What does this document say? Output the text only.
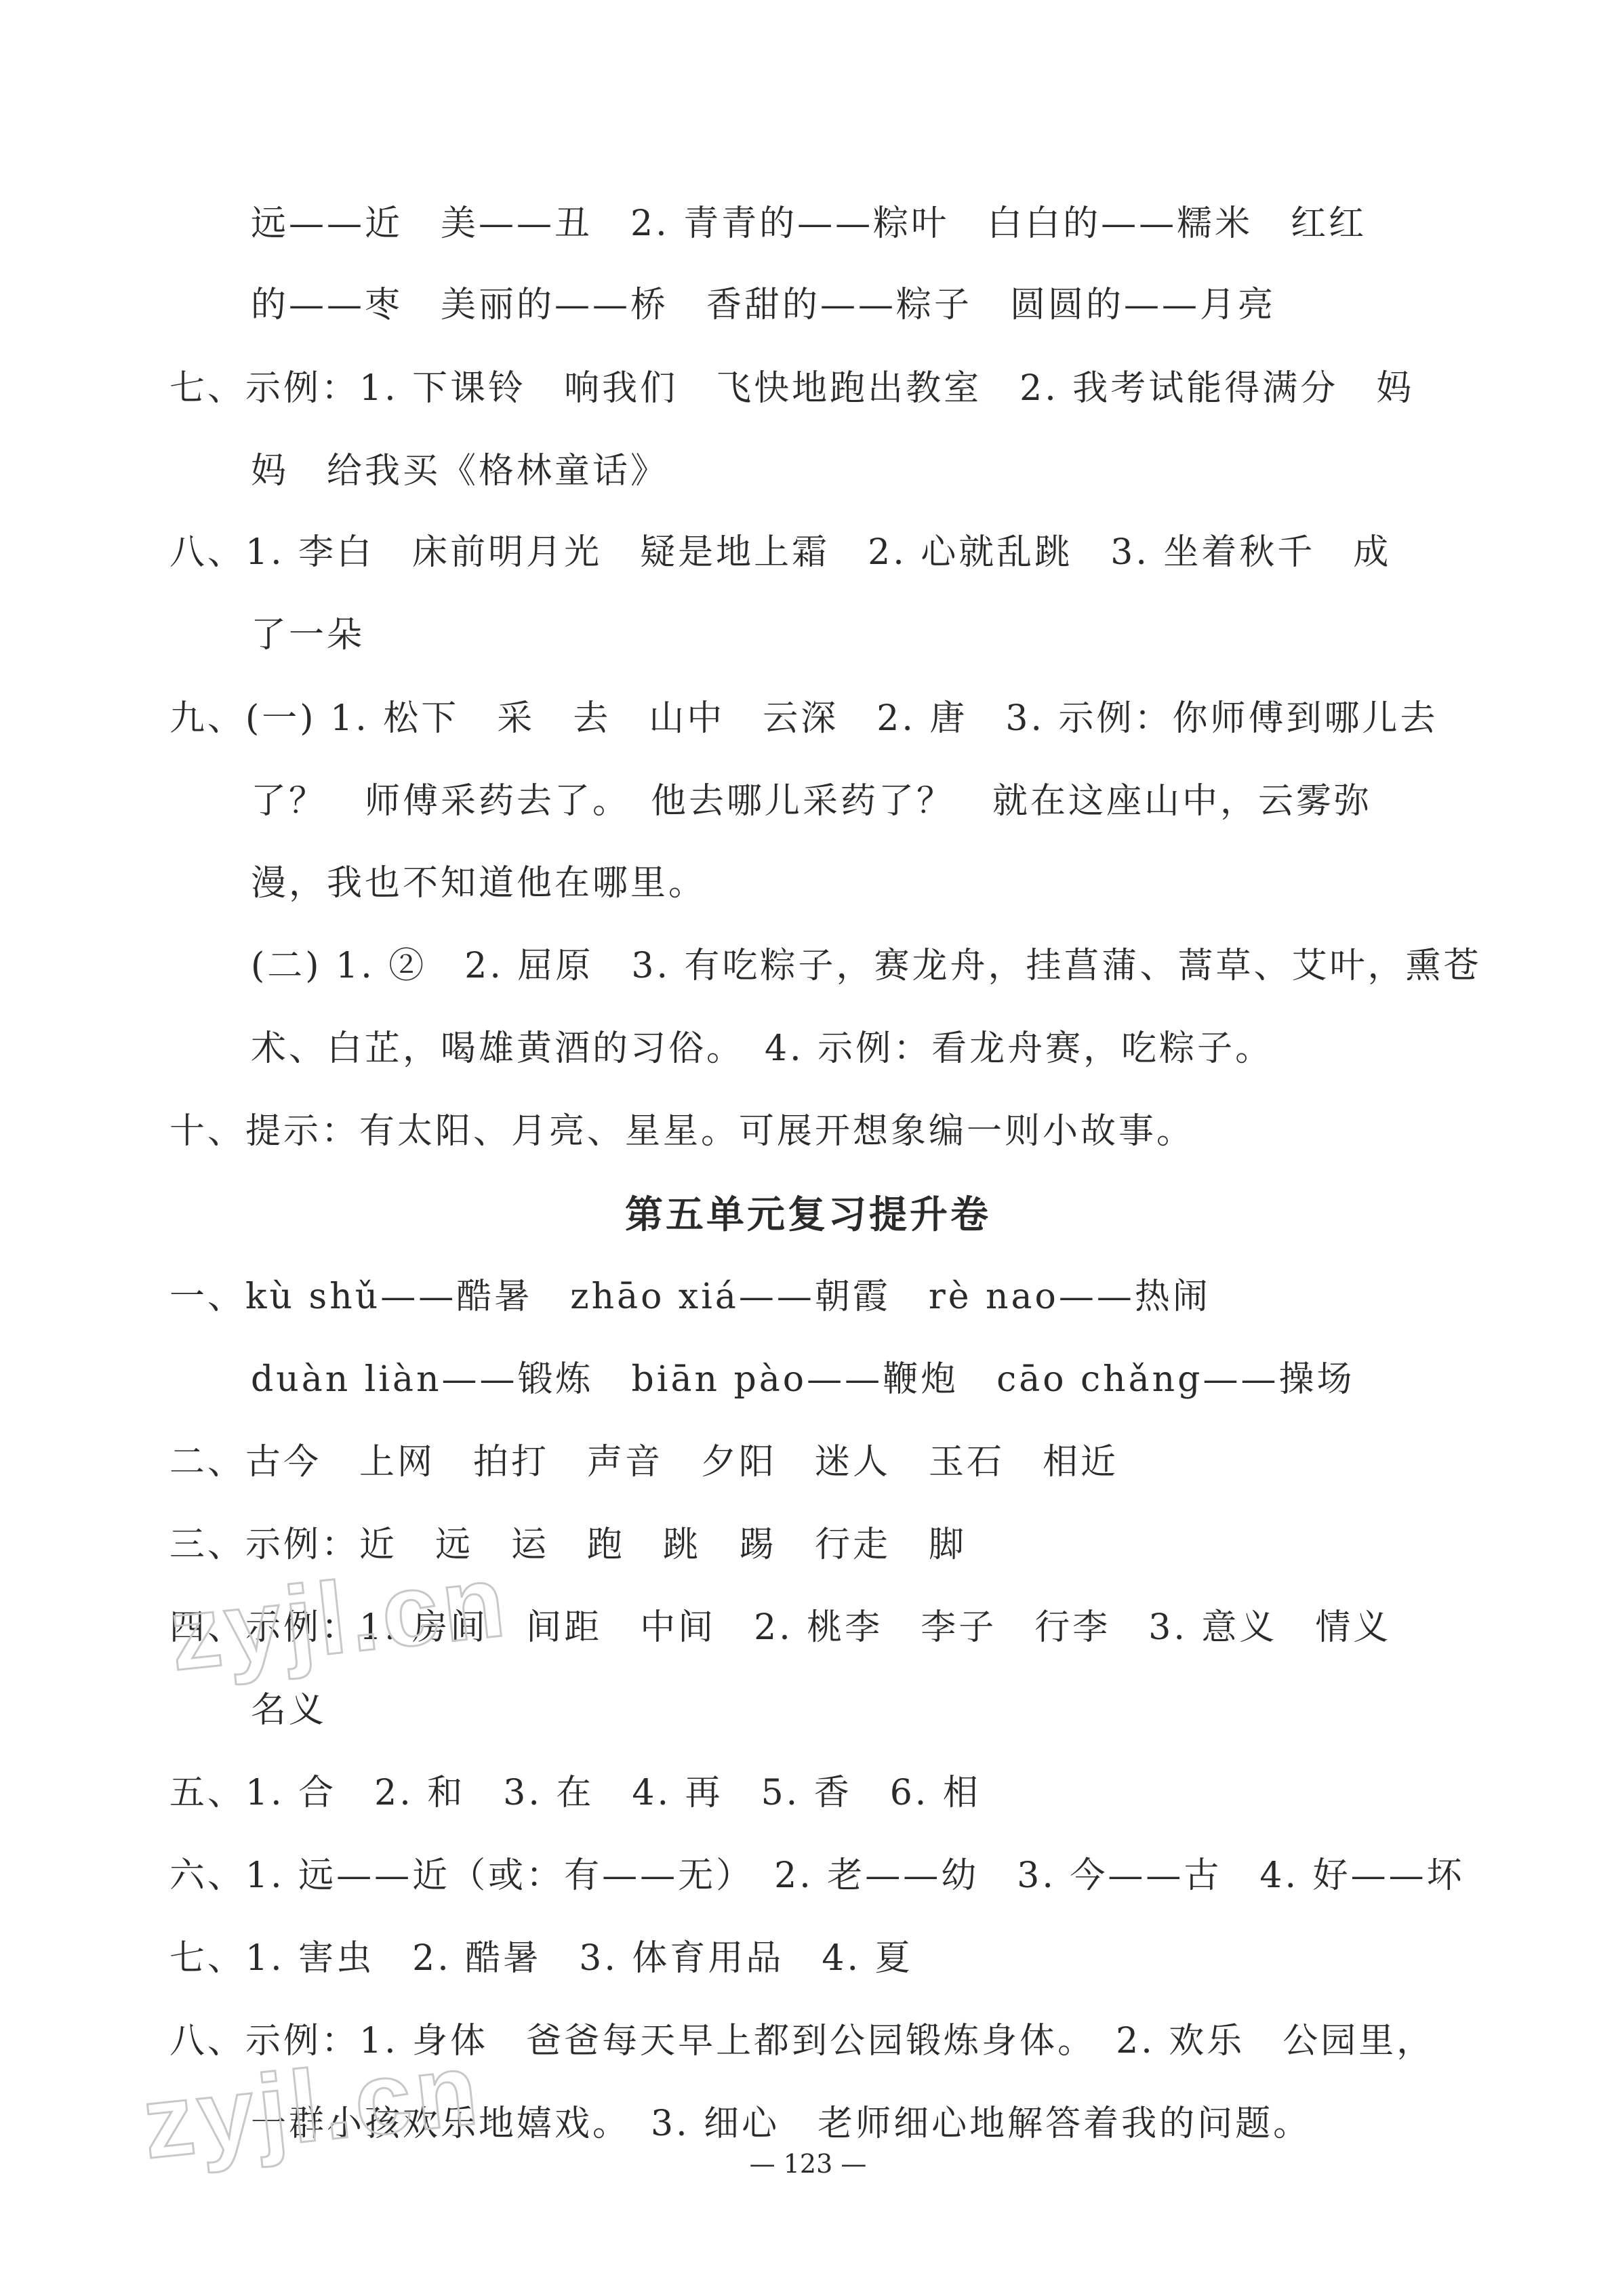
远——近　美——丑　2. 青青的——粽叶　白白的——糯米　红红
的——枣　美丽的——桥　香甜的——粽子　圆圆的——月亮
七、示例：1. 下课铃　响我们　飞快地跑出教室　2. 我考试能得满分　妈
妈　给我买《格林童话》
八、1. 李白　床前明月光　疑是地上霜　2. 心就乱跳　3. 坐着秋千　成
了一朵
九、(一) 1. 松下　采　去　山中　云深　2. 唐　3. 示例：你师傅到哪儿去
了？　师傅采药去了。　他去哪儿采药了？　就在这座山中，云雾弥
漫，我也不知道他在哪里。
(二) 1. ②　2. 屈原　3. 有吃粽子，赛龙舟，挂菖蒲、蒿草、艾叶，熏苍
术、白芷，喝雄黄酒的习俗。　4. 示例：看龙舟赛，吃粽子。
十、提示：有太阳、月亮、星星。可展开想象编一则小故事。
第五单元复习提升卷
一、kù shǔ——酷暑　zhāo xiá——朝霞　rè nao——热闹
duàn liàn——锻炼　biān pào——鞭炮　cāo chǎng——操场
二、古今　上网　拍打　声音　夕阳　迷人　玉石　相近
三、示例：近　远　运　跑　跳　踢　行走　脚
四、示例：1. 房间　间距　中间　2. 桃李　李子　行李　3. 意义　情义
名义
五、1. 合　2. 和　3. 在　4. 再　5. 香　6. 相
六、1. 远——近（或：有——无）　2. 老——幼　3. 今——古　4. 好——坏
七、1. 害虫　2. 酷暑　3. 体育用品　4. 夏
八、示例：1. 身体　爸爸每天早上都到公园锻炼身体。　2. 欢乐　公园里，
一群小孩欢乐地嬉戏。　3. 细心　老师细心地解答着我的问题。
— 123 —
zyjl.cn
zyjl.cn
